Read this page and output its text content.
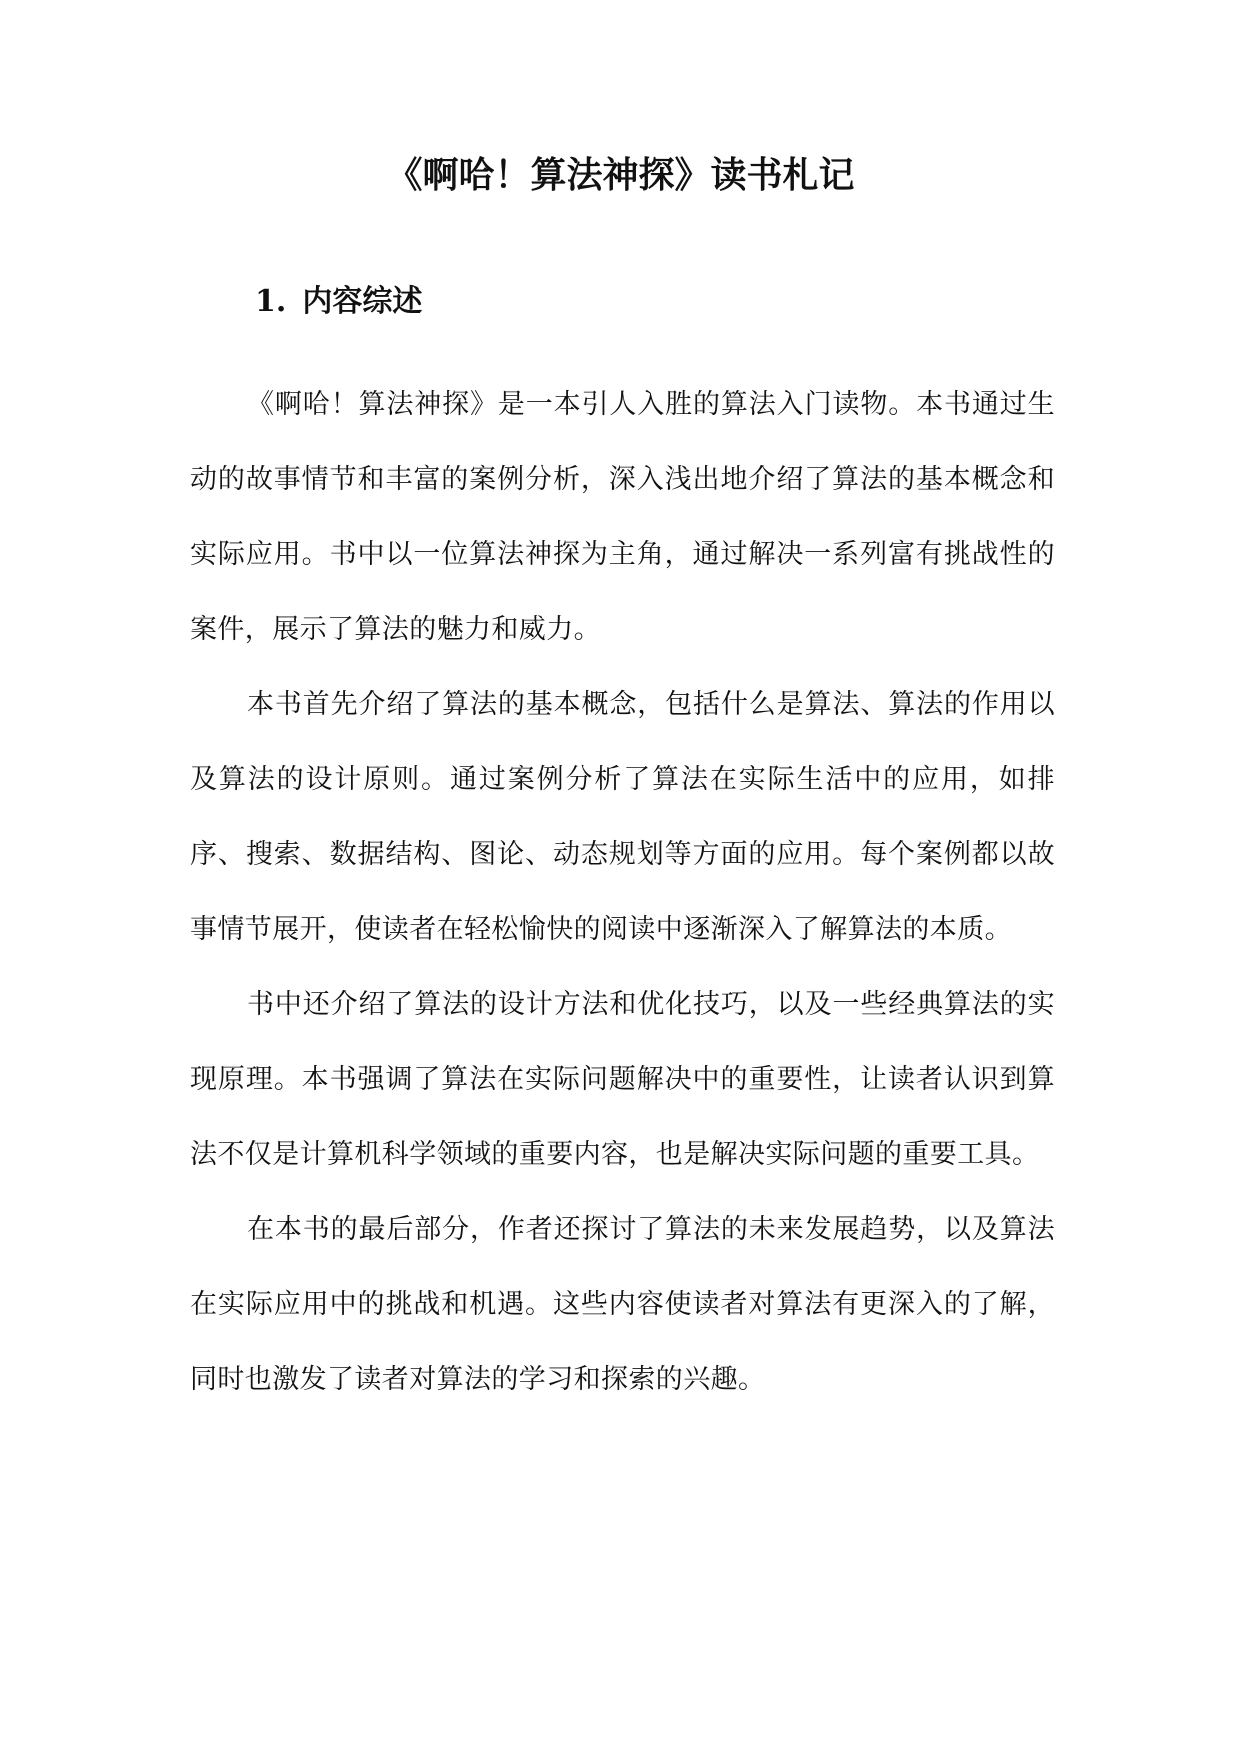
《啊哈！算法神探》读书札记
1. 内容综述

《啊哈！算法神探》是一本引人入胜的算法入门读物。本书通过生动的故事情节和丰富的案例分析，深入浅出地介绍了算法的基本概念和实际应用。书中以一位算法神探为主角，通过解决一系列富有挑战性的案件，展示了算法的魅力和威力。

本书首先介绍了算法的基本概念，包括什么是算法、算法的作用以及算法的设计原则。通过案例分析了算法在实际生活中的应用，如排序、搜索、数据结构、图论、动态规划等方面的应用。每个案例都以故事情节展开，使读者在轻松愉快的阅读中逐渐深入了解算法的本质。

书中还介绍了算法的设计方法和优化技巧，以及一些经典算法的实现原理。本书强调了算法在实际问题解决中的重要性，让读者认识到算法不仅是计算机科学领域的重要内容，也是解决实际问题的重要工具。

在本书的最后部分，作者还探讨了算法的未来发展趋势，以及算法在实际应用中的挑战和机遇。这些内容使读者对算法有更深入的了解，同时也激发了读者对算法的学习和探索的兴趣。
